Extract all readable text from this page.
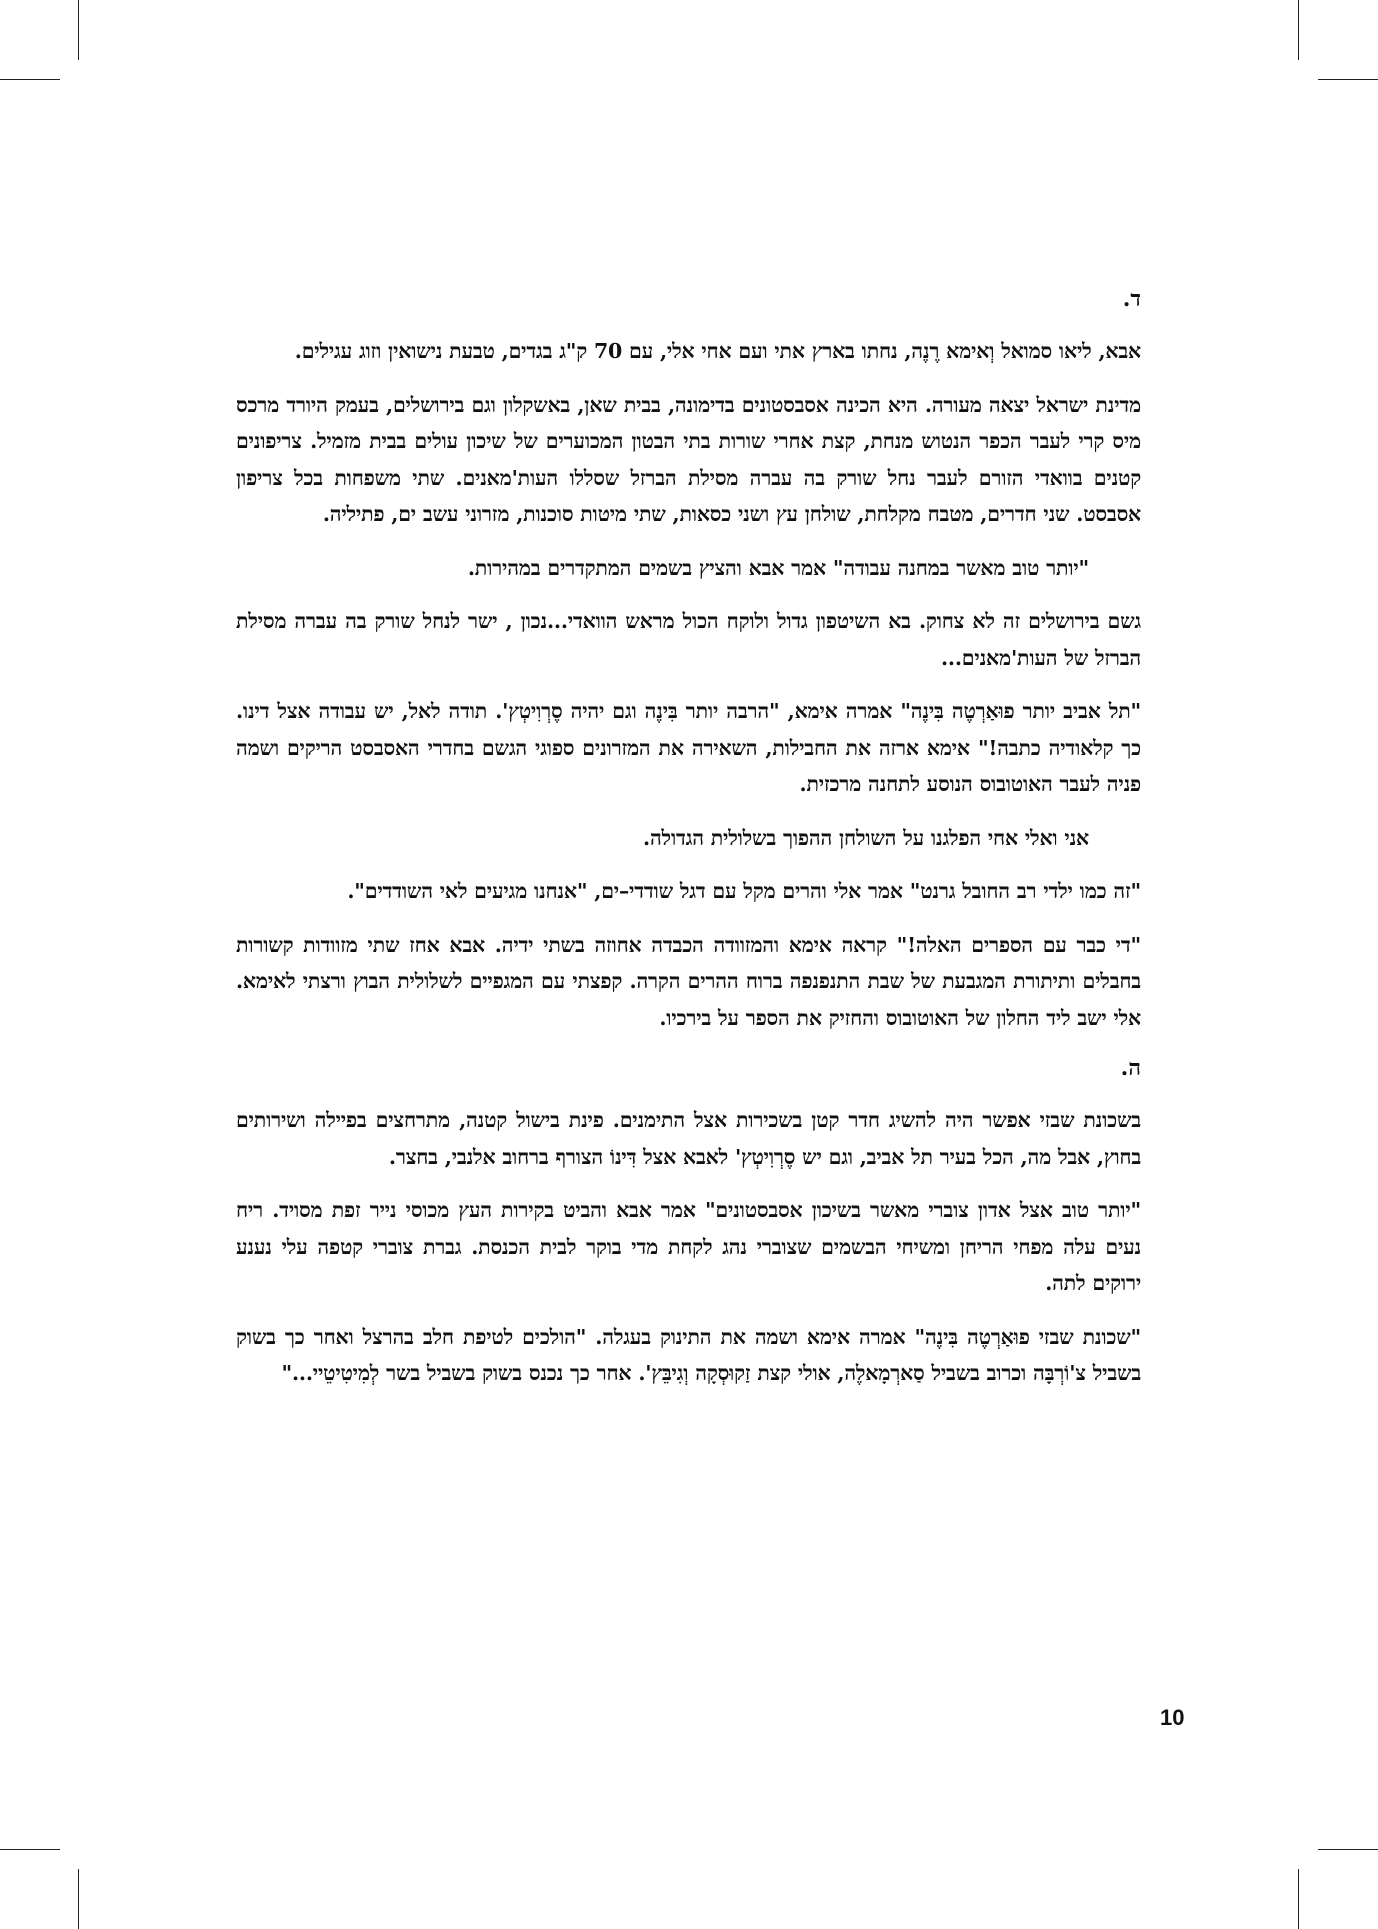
ד.

אבא, ליאו סמואל וְאימא רֶנֶה, נחתו בארץ אתי ועם אחי אלי, עם 70 ק"ג בגדים, טבעת נישואין וזוג עגילים.

מדינת ישראל יצאה מעורה. היא הכינה אסבסטונים בדימונה, בבית שאן, באשקלון וגם בירושלים, בעמק היורד מרכס מיס קרי לעבר הכפר הנטוש מנחת, קצת אחרי שורות בתי הבטון המכוערים של שיכון עולים בבית מזמיל. צריפונים קטנים בוואדי הזורם לעבר נחל שורק בה עברה מסילת הברזל שסללו העות'מאנים. שתי משפחות בכל צריפון אסבסט. שני חדרים, מטבח מקלחת, שולחן עץ ושני כסאות, שתי מיטות סוכנות, מזרוני עשב ים, פתיליה.

"יותר טוב מאשר במחנה עבודה" אמר אבא והציץ בשמים המתקדרים במהירות.

גשם בירושלים זה לא צחוק. בא השיטפון גדול ולוקח הכול מראש הוואדי...נכון , ישר לנחל שורק בה עברה מסילת הברזל של העות'מאנים...

"תל אביב יותר פוּאַרְטֶה בִּינֶה" אמרה אימא, "הרבה יותר בִּינֶה וגם יהיה סֶרְוִיטְץ'. תודה לאל, יש עבודה אצל דינו. כך קלאודיה כתבה!" אימא ארזה את החבילות, השאירה את המזרונים ספוגי הגשם בחדרי האסבסט הריקים ושמה פניה לעבר האוטובוס הנוסע לתחנה מרכזית.

אני ואלי אחי הפלגנו על השולחן ההפוך בשלולית הגדולה.

"זה כמו ילדי רב החובל גרנט" אמר אלי והרים מקל עם דגל שודדי–ים, "אנחנו מגיעים לאי השודדים".

"די כבר עם הספרים האלה!" קראה אימא והמזוודה הכבדה אחוזה בשתי ידיה. אבא אחז שתי מזוודות קשורות בחבלים ותיתורת המגבעת של שבת התנפנפה ברוח ההרים הקרה. קפצתי עם המגפיים לשלולית הבוץ ורצתי לאימא. אלי ישב ליד החלון של האוטובוס והחזיק את הספר על בירכיו.

ה.

בשכונת שבזי אפשר היה להשיג חדר קטן בשכירות אצל התימנים. פינת בישול קטנה, מתרחצים בפיילה ושירותים בחוץ, אבל מה, הכל בעיר תל אביב, וגם יש סֶרְוִיטְץ' לאבא אצל דִּינוֹ הצורף ברחוב אלנבי, בחצר.

"יותר טוב אצל אדון צוברי מאשר בשיכון אסבסטונים" אמר אבא והביט בקירות העץ מכוסי נייר זפת מסויד. ריח נעים עלה מפחי הריחן ומשיחי הבשמים שצוברי נהג לקחת מדי בוקר לבית הכנסת. גברת צוברי קטפה עלי נענע ירוקים לתה.

"שכונת שבזי פוּאַרְטֶה בִּינֶה" אמרה אימא ושמה את התינוק בעגלה. "הולכים לטיפת חלב בהרצל ואחר כך בשוק בשביל צ'וֹרְבָּה וכרוב בשביל סַארְמָאלֶה, אולי קצת זַקוּסְקָה וְגִיבֵּץ'. אחר כך נכנס בשוק בשביל בשר לְמִיטִיטֵיי..."

10
